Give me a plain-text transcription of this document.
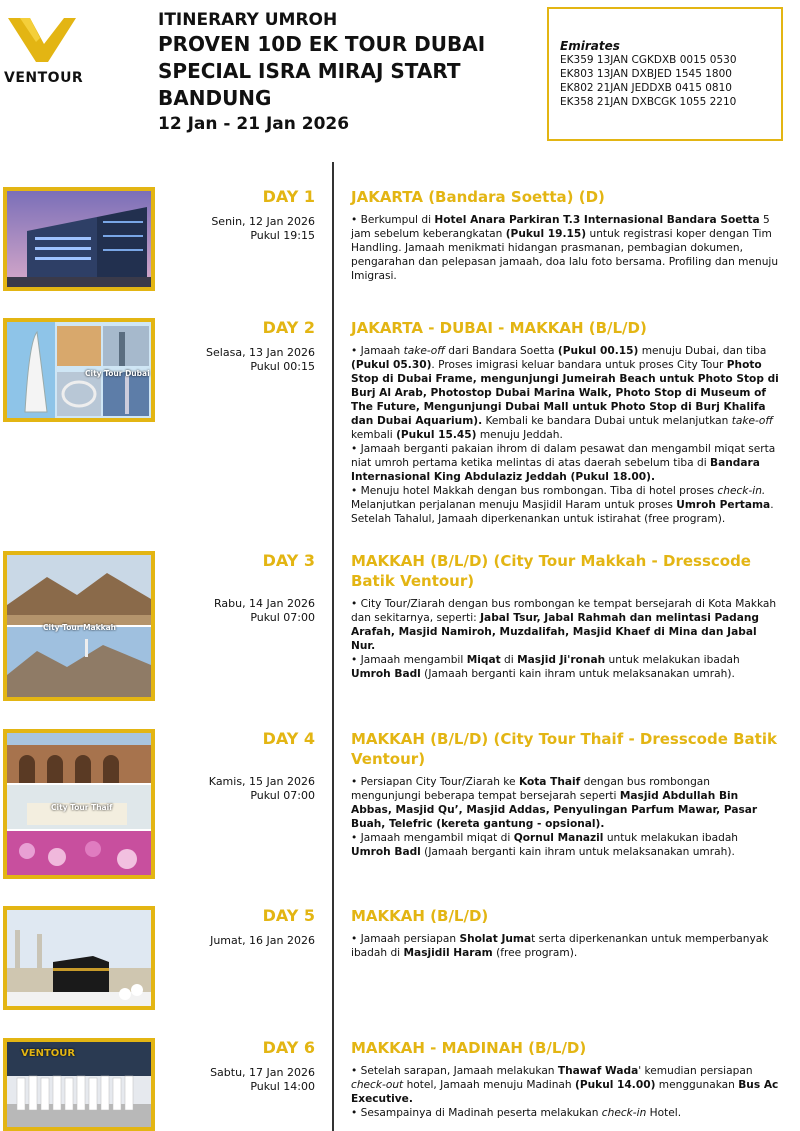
VENTOUR
ITINERARY UMROH
PROVEN 10D EK TOUR DUBAI
SPECIAL ISRA MIRAJ START
BANDUNG
12 Jan - 21 Jan 2026
Emirates
EK359 13JAN CGKDXB 0015 0530
EK803 13JAN DXBJED 1545 1800
EK802 21JAN JEDDXB 0415 0810
EK358 21JAN DXBCGK 1055 2210
DAY 1
Senin, 12 Jan 2026
Pukul 19:15
JAKARTA (Bandara Soetta) (D)

• Berkumpul di Hotel Anara Parkiran T.3 Internasional Bandara Soetta 5 jam sebelum keberangkatan (Pukul 19.15) untuk registrasi koper dengan Tim Handling. Jamaah menikmati hidangan prasmanan, pembagian dokumen, pengarahan dan pelepasan jamaah, doa lalu foto bersama. Profiling dan menuju Imigrasi.

City Tour Dubai
DAY 2
Selasa, 13 Jan 2026
Pukul 00:15
JAKARTA - DUBAI - MAKKAH (B/L/D)

• Jamaah take-off dari Bandara Soetta (Pukul 00.15) menuju Dubai, dan tiba (Pukul 05.30). Proses imigrasi keluar bandara untuk proses City Tour Photo Stop di Dubai Frame, mengunjungi Jumeirah Beach untuk Photo Stop di Burj Al Arab, Photostop Dubai Marina Walk, Photo Stop di Museum of The Future, Mengunjungi Dubai Mall untuk Photo Stop di Burj Khalifa dan Dubai Aquarium). Kembali ke bandara Dubai untuk melanjutkan take-off kembali (Pukul 15.45) menuju Jeddah.

• Jamaah berganti pakaian ihrom di dalam pesawat dan mengambil miqat serta niat umroh pertama ketika melintas di atas daerah sebelum tiba di Bandara Internasional King Abdulaziz Jeddah (Pukul 18.00).

• Menuju hotel Makkah dengan bus rombongan. Tiba di hotel proses check-in. Melanjutkan perjalanan menuju Masjidil Haram untuk proses Umroh Pertama. Setelah Tahalul, Jamaah diperkenankan untuk istirahat (free program).

City Tour Makkah
DAY 3
Rabu, 14 Jan 2026
Pukul 07:00
MAKKAH (B/L/D) (City Tour Makkah - Dresscode Batik Ventour)

• City Tour/Ziarah dengan bus rombongan ke tempat bersejarah di Kota Makkah dan sekitarnya, seperti: Jabal Tsur, Jabal Rahmah dan melintasi Padang Arafah, Masjid Namiroh, Muzdalifah, Masjid Khaef di Mina dan Jabal Nur.

• Jamaah mengambil Miqat di Masjid Ji'ronah untuk melakukan ibadah Umroh Badl (Jamaah berganti kain ihram untuk melaksanakan umrah).

City Tour Thaif
DAY 4
Kamis, 15 Jan 2026
Pukul 07:00
MAKKAH (B/L/D) (City Tour Thaif - Dresscode Batik Ventour)

• Persiapan City Tour/Ziarah ke Kota Thaif dengan bus rombongan mengunjungi beberapa tempat bersejarah seperti Masjid Abdullah Bin Abbas, Masjid Qu’, Masjid Addas, Penyulingan Parfum Mawar, Pasar Buah, Telefric (kereta gantung - opsional).

• Jamaah mengambil miqat di Qornul Manazil untuk melakukan ibadah Umroh Badl (Jamaah berganti kain ihram untuk melaksanakan umrah).

DAY 5
Jumat, 16 Jan 2026
MAKKAH (B/L/D)

• Jamaah persiapan Sholat Jumat serta diperkenankan untuk memperbanyak ibadah di Masjidil Haram (free program).

VENTOUR	DAY 6
Sabtu, 17 Jan 2026
Pukul 14:00
MAKKAH - MADINAH (B/L/D)

• Setelah sarapan, Jamaah melakukan Thawaf Wada' kemudian persiapan check-out hotel, Jamaah menuju Madinah (Pukul 14.00) menggunakan Bus Ac Executive.

• Sesampainya di Madinah peserta melakukan check-in Hotel.
